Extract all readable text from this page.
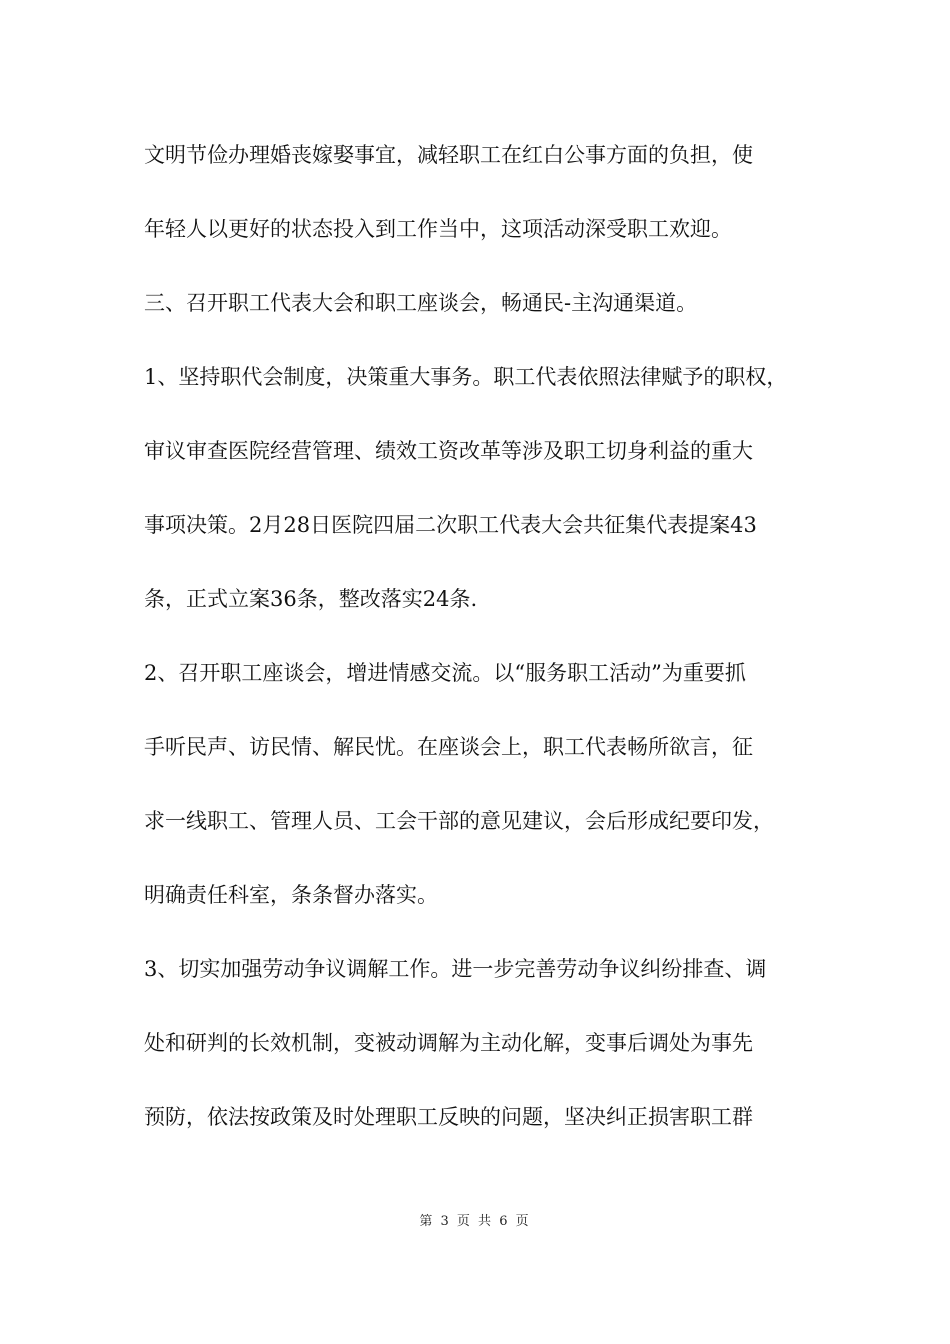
文明节俭办理婚丧嫁娶事宜，减轻职工在红白公事方面的负担，使
年轻人以更好的状态投入到工作当中，这项活动深受职工欢迎。
三、召开职工代表大会和职工座谈会，畅通民-主沟通渠道。
1、坚持职代会制度，决策重大事务。职工代表依照法律赋予的职权，
审议审查医院经营管理、绩效工资改革等涉及职工切身利益的重大
事项决策。2月28日医院四届二次职工代表大会共征集代表提案43
条，正式立案36条，整改落实24条.
2、召开职工座谈会，增进情感交流。以“服务职工活动”为重要抓
手听民声、访民情、解民忧。在座谈会上，职工代表畅所欲言，征
求一线职工、管理人员、工会干部的意见建议，会后形成纪要印发，
明确责任科室，条条督办落实。
3、切实加强劳动争议调解工作。进一步完善劳动争议纠纷排查、调
处和研判的长效机制，变被动调解为主动化解，变事后调处为事先
预防，依法按政策及时处理职工反映的问题，坚决纠正损害职工群
第 3 页 共 6 页
